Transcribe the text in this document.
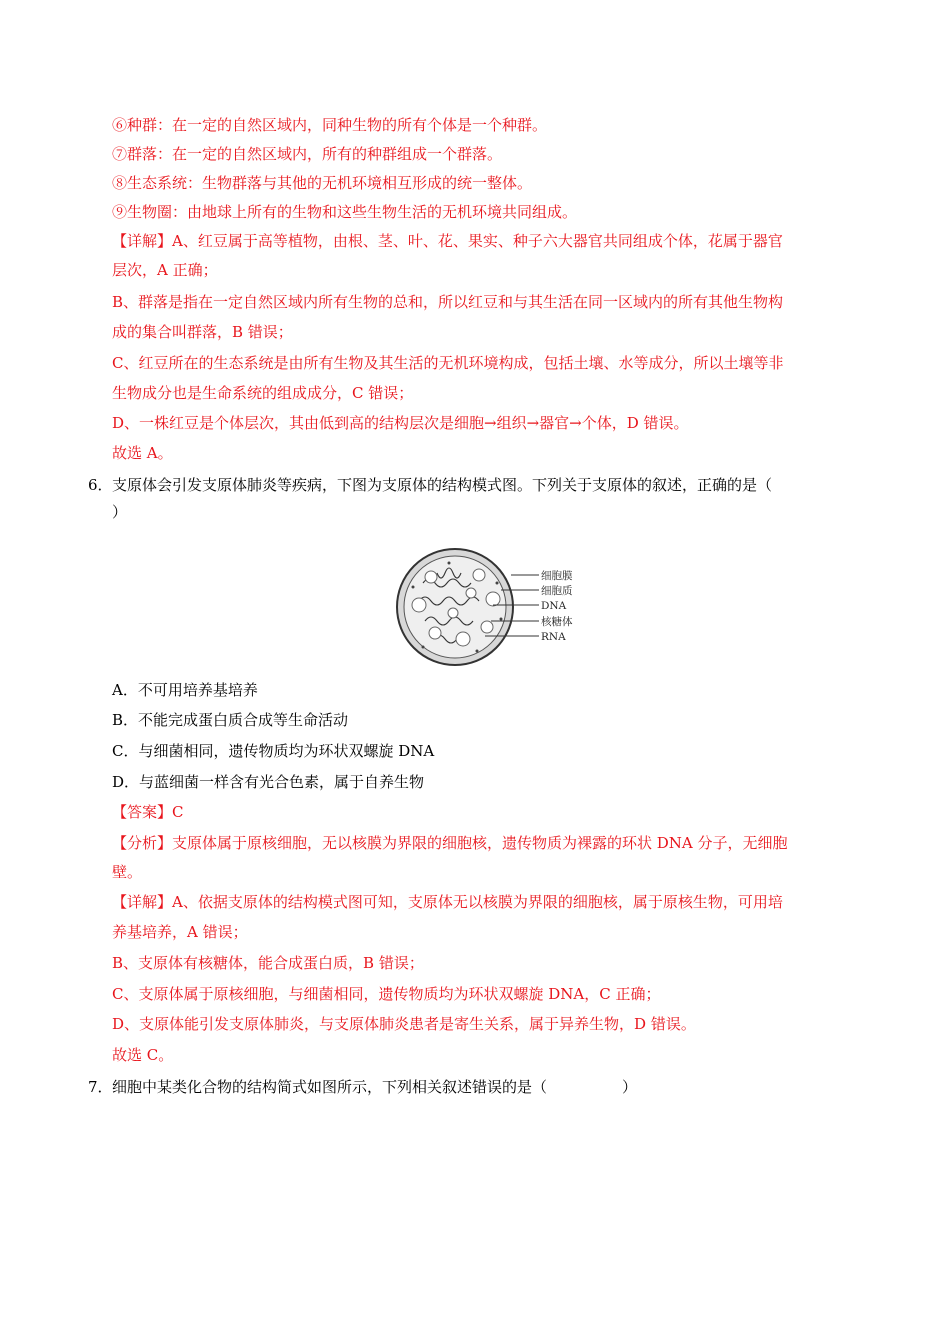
⑥种群：在一定的自然区域内，同种生物的所有个体是一个种群。
⑦群落：在一定的自然区域内，所有的种群组成一个群落。
⑧生态系统：生物群落与其他的无机环境相互形成的统一整体。
⑨生物圈：由地球上所有的生物和这些生物生活的无机环境共同组成。
【详解】A、红豆属于高等植物，由根、茎、叶、花、果实、种子六大器官共同组成个体，花属于器官
层次，A 正确；
B、群落是指在一定自然区域内所有生物的总和，所以红豆和与其生活在同一区域内的所有其他生物构
成的集合叫群落，B 错误；
C、红豆所在的生态系统是由所有生物及其生活的无机环境构成，包括土壤、水等成分，所以土壤等非
生物成分也是生命系统的组成成分，C 错误；
D、一株红豆是个体层次，其由低到高的结构层次是细胞→组织→器官→个体，D 错误。
故选 A。
6． 支原体会引发支原体肺炎等疾病，下图为支原体的结构模式图。下列关于支原体的叙述，正确的是（
）
细胞膜
细胞质
DNA
核糖体
RNA
A．不可用培养基培养
B．不能完成蛋白质合成等生命活动
C．与细菌相同，遗传物质均为环状双螺旋 DNA
D．与蓝细菌一样含有光合色素，属于自养生物
【答案】C
【分析】支原体属于原核细胞，无以核膜为界限的细胞核，遗传物质为裸露的环状 DNA 分子，无细胞
壁。
【详解】A、依据支原体的结构模式图可知，支原体无以核膜为界限的细胞核，属于原核生物，可用培
养基培养，A 错误；
B、支原体有核糖体，能合成蛋白质，B 错误；
C、支原体属于原核细胞，与细菌相同，遗传物质均为环状双螺旋 DNA，C 正确；
D、支原体能引发支原体肺炎，与支原体肺炎患者是寄生关系，属于异养生物，D 错误。
故选 C。
7． 细胞中某类化合物的结构简式如图所示，下列相关叙述错误的是（　　　　　）
